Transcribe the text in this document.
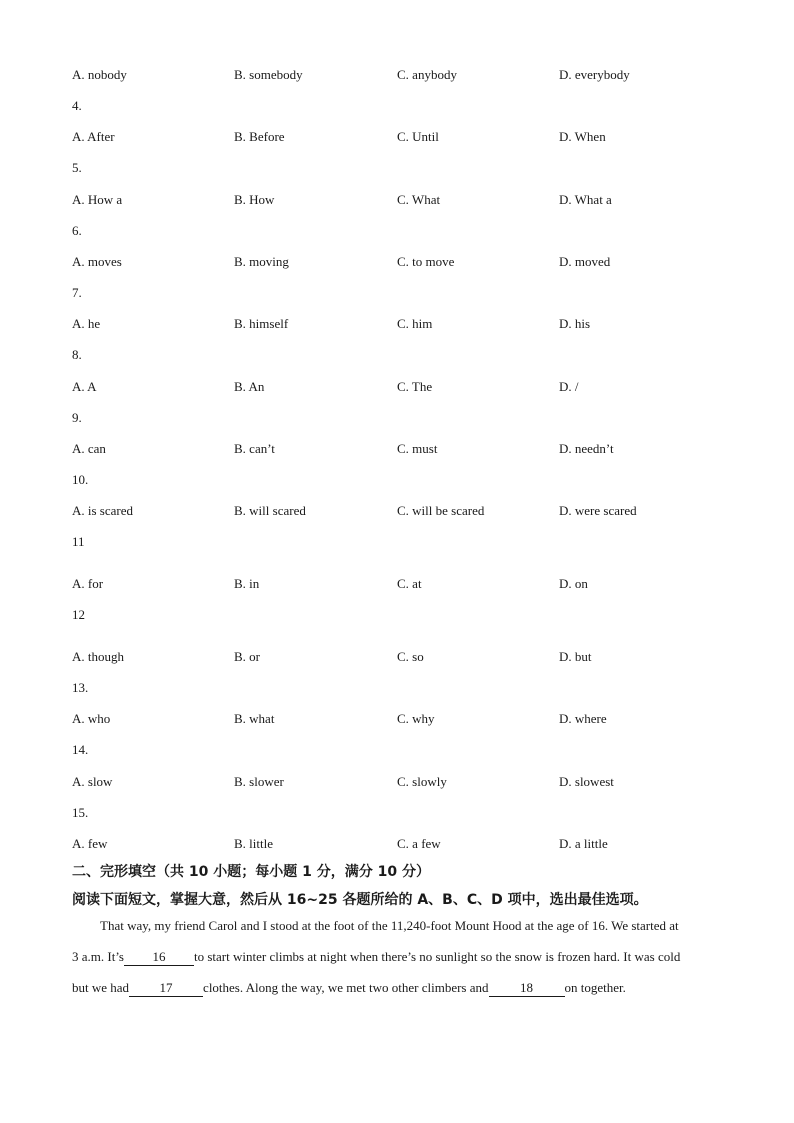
A. nobody	B. somebody	C. anybody	D. everybody
4.
A. After	B. Before	C. Until	D. When
5.
A. How a	B. How	C. What	D. What a
6.
A. moves	B. moving	C. to move	D. moved
7.
A. he	B. himself	C. him	D. his
8.
A. A	B. An	C. The	D. /
9.
A. can	B. can’t	C. must	D. needn’t
10.
A. is scared	B. will scared	C. will be scared	D. were scared
11
A. for	B. in	C. at	D. on
12
A. though	B. or	C. so	D. but
13.
A. who	B. what	C. why	D. where
14.
A. slow	B. slower	C. slowly	D. slowest
15.
A. few	B. little	C. a few	D. a little
二、完形填空（共 10 小题；每小题 1 分，满分 10 分）
阅读下面短文，掌握大意，然后从 16~25 各题所给的 A、B、C、D 项中，选出最佳选项。
That way, my friend Carol and I stood at the foot of the 11,240-foot Mount Hood at the age of 16. We started at
3 a.m. It’s 16 to start winter climbs at night when there’s no sunlight so the snow is frozen hard. It was cold
but we had 17 clothes. Along the way, we met two other climbers and 18 on together.
